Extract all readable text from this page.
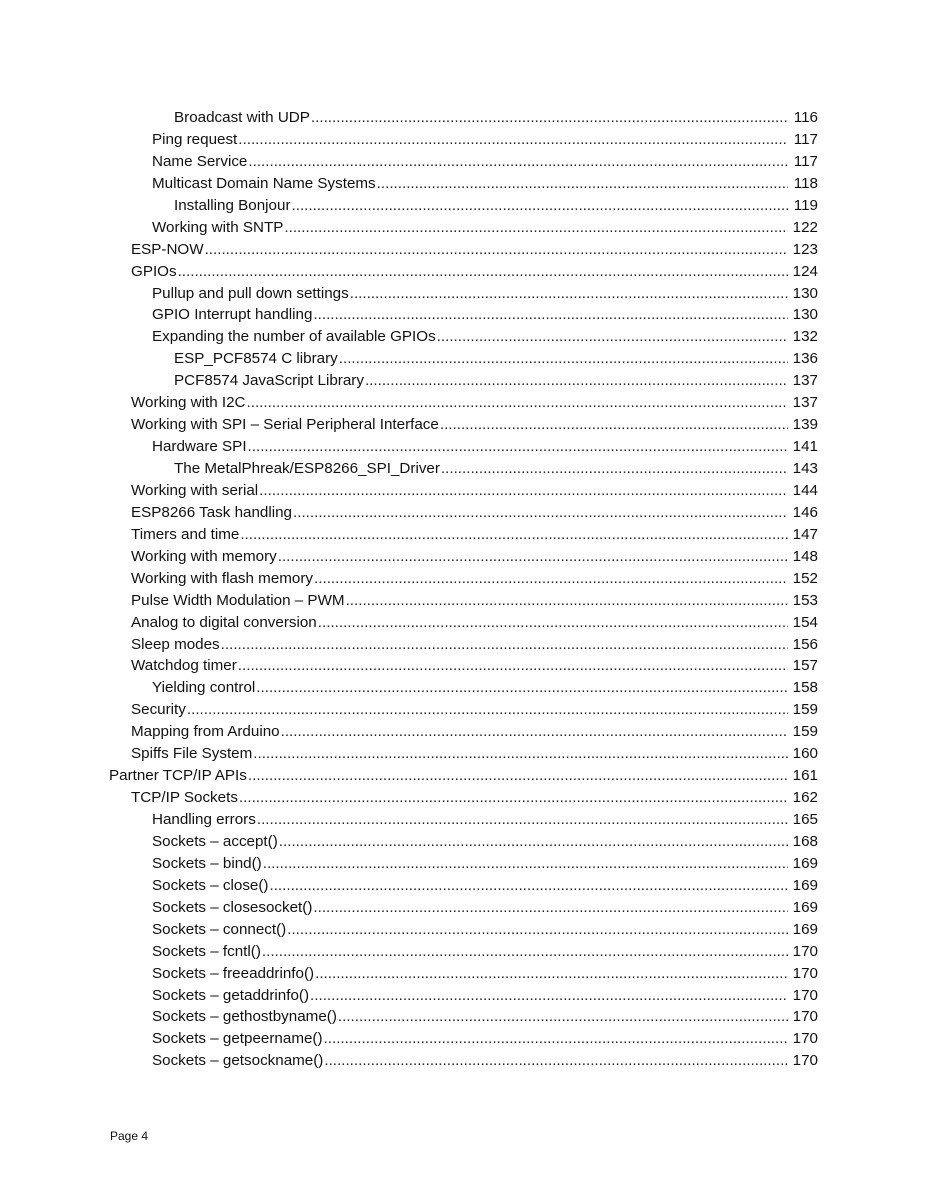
Broadcast with UDP .....	116
Ping request .....	117
Name Service .....	117
Multicast Domain Name Systems .....	118
Installing Bonjour .....	119
Working with SNTP .....	122
ESP-NOW .....	123
GPIOs .....	124
Pullup and pull down settings .....	130
GPIO Interrupt handling .....	130
Expanding the number of available GPIOs .....	132
ESP_PCF8574 C library .....	136
PCF8574 JavaScript Library .....	137
Working with I2C .....	137
Working with SPI – Serial Peripheral Interface .....	139
Hardware SPI .....	141
The MetalPhreak/ESP8266_SPI_Driver .....	143
Working with serial .....	144
ESP8266 Task handling .....	146
Timers and time .....	147
Working with memory .....	148
Working with flash memory .....	152
Pulse Width Modulation – PWM .....	153
Analog to digital conversion .....	154
Sleep modes .....	156
Watchdog timer .....	157
Yielding control .....	158
Security .....	159
Mapping from Arduino .....	159
Spiffs File System .....	160
Partner TCP/IP APIs .....	161
TCP/IP Sockets .....	162
Handling errors .....	165
Sockets – accept() .....	168
Sockets – bind() .....	169
Sockets – close() .....	169
Sockets – closesocket() .....	169
Sockets – connect() .....	169
Sockets – fcntl() .....	170
Sockets – freeaddrinfo() .....	170
Sockets – getaddrinfo() .....	170
Sockets – gethostbyname() .....	170
Sockets – getpeername() .....	170
Sockets – getsockname() .....	170
Page 4
